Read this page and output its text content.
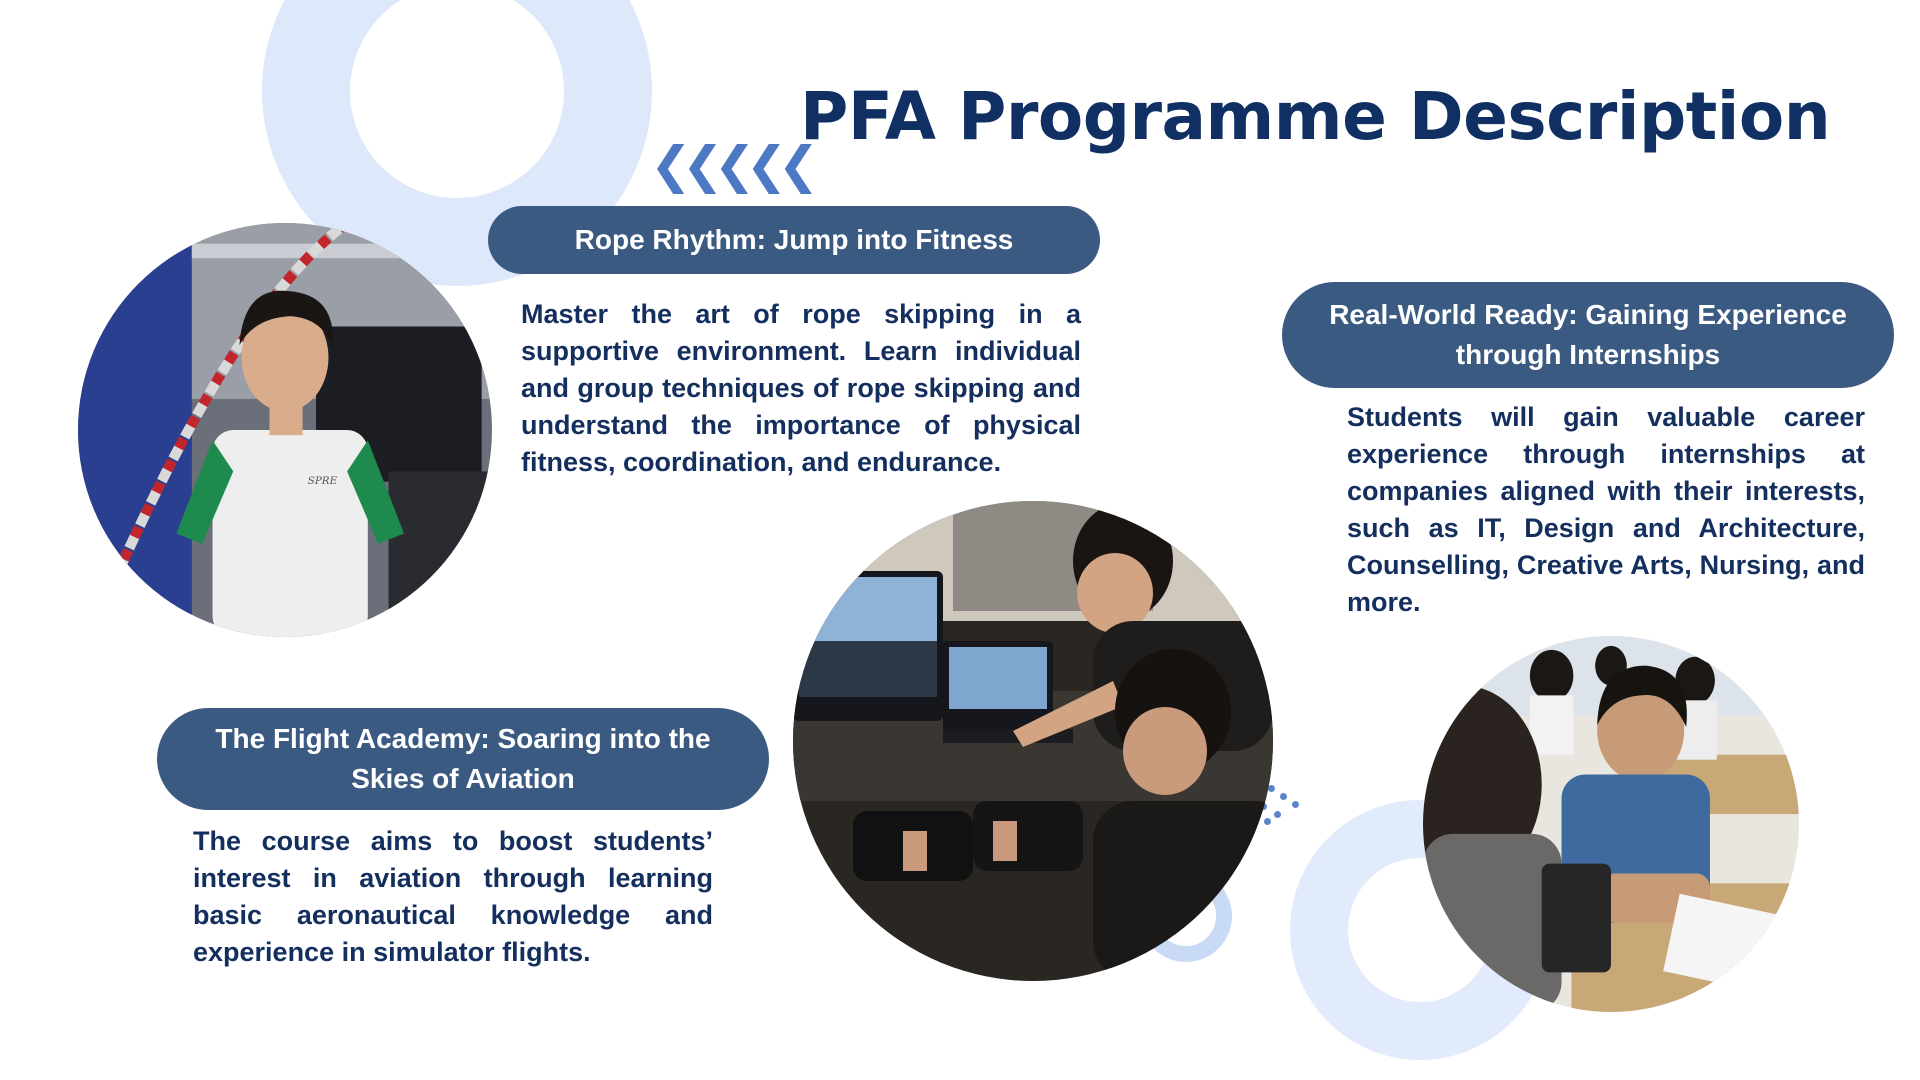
❮❮❮❮❮
PFA Programme Description
SPRE
Rope Rhythm: Jump into Fitness
Master the art of rope skipping in a supportive environment. Learn individual and group techniques of rope skipping and understand the importance of physical fitness, coordination, and endurance.
Real-World Ready: Gaining Experience through Internships
Students will gain valuable career experience through internships at companies aligned with their interests, such as IT, Design and Architecture, Counselling, Creative Arts, Nursing, and more.
The Flight Academy: Soaring into the Skies of Aviation
The course aims to boost students’ interest in aviation through learning basic aeronautical knowledge and experience in simulator flights.
